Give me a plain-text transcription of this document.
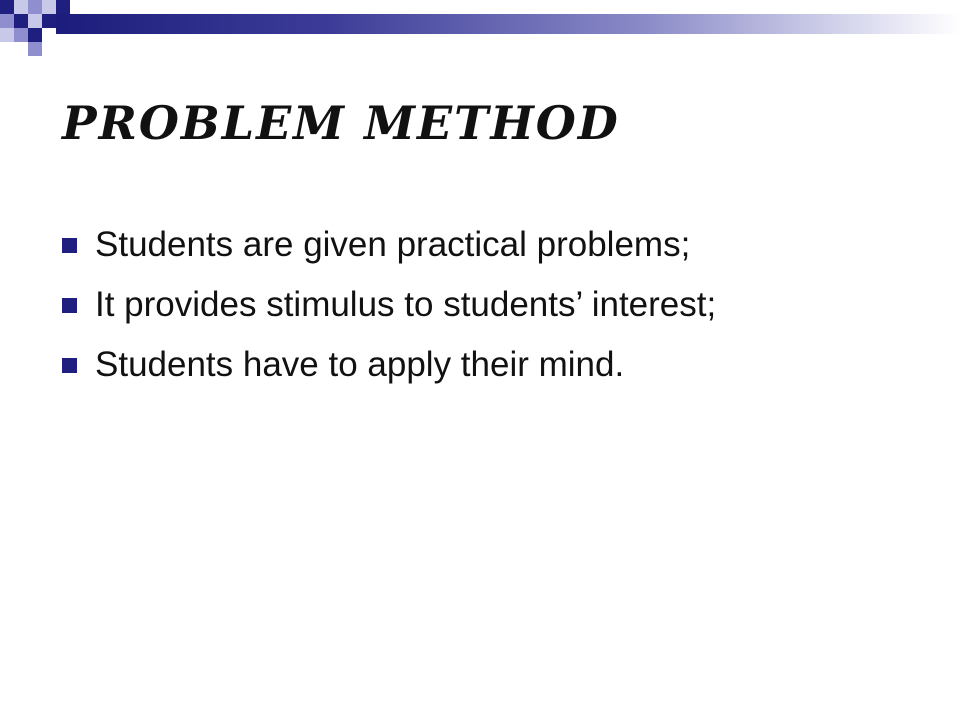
PROBLEM METHOD
Students are given practical problems;
It provides stimulus to students’ interest;
Students have to apply their mind.
